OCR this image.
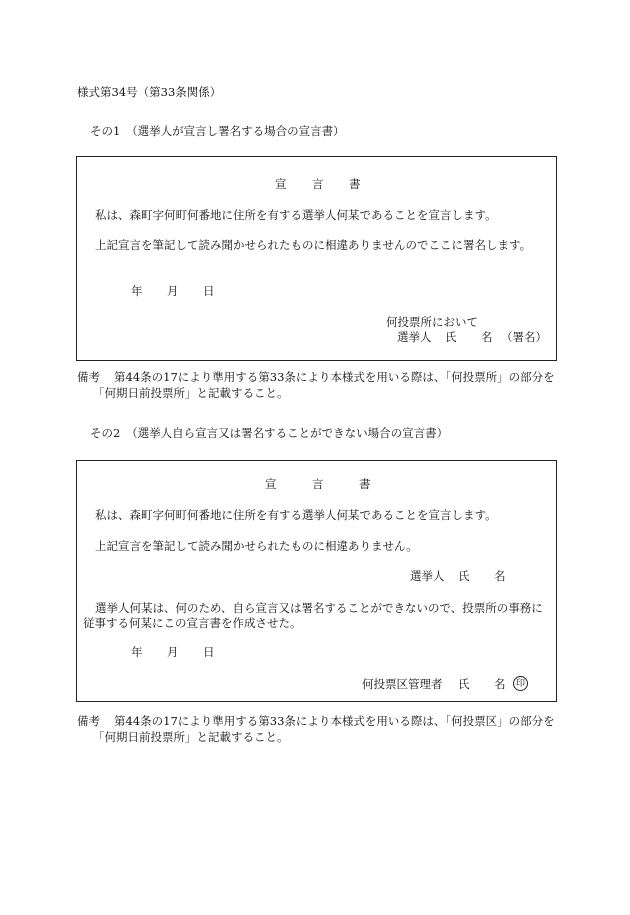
様式第34号（第33条関係）
その1　（選挙人が宣言し署名する場合の宣言書）
宣 言 書
私は、森町字何町何番地に住所を有する選挙人何某であることを宣言します。
上記宣言を筆記して読み聞かせられたものに相違ありませんのでここに署名します。
年 月 日
何投票所において
選挙人 氏 名 （署名）
備考 第44条の17により準用する第33条により本様式を用いる際は、「何投票所」の部分を
「何期日前投票所」と記載すること。
その2　（選挙人自ら宣言又は署名することができない場合の宣言書）
宣	言	書
私は、森町字何町何番地に住所を有する選挙人何某であることを宣言します。
上記宣言を筆記して読み聞かせられたものに相違ありません。
選挙人 氏 名
選挙人何某は、何のため、自ら宣言又は署名することができないので、投票所の事務に
従事する何某にこの宣言書を作成させた。
年 月 日
何投票区管理者 氏 名	印
備考 第44条の17により準用する第33条により本様式を用いる際は、「何投票区」の部分を
「何期日前投票所」と記載すること。
